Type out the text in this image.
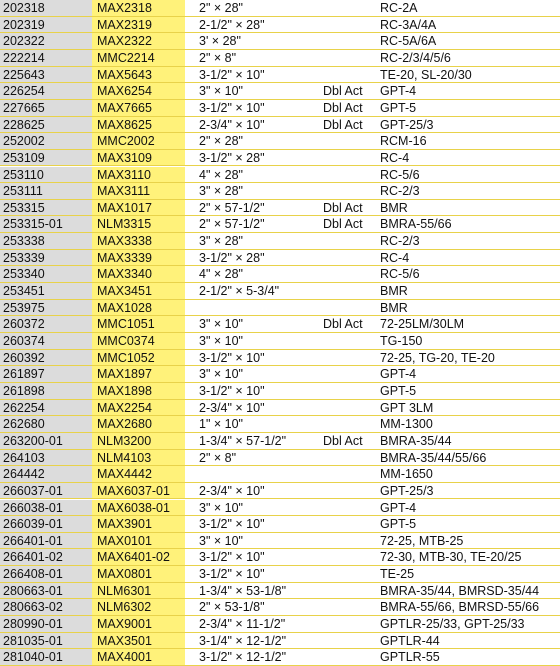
202318	MAX2318	2" × 28"	RC-2A
202319	MAX2319	2-1/2" × 28"	RC-3A/4A
202322	MAX2322	3' × 28"	RC-5A/6A
222214	MMC2214	2" × 8"	RC-2/3/4/5/6
225643	MAX5643	3-1/2" × 10"	TE-20, SL-20/30
226254	MAX6254	3" × 10"	Dbl Act	GPT-4
227665	MAX7665	3-1/2" × 10"	Dbl Act	GPT-5
228625	MAX8625	2-3/4" × 10"	Dbl Act	GPT-25/3
252002	MMC2002	2" × 28"	RCM-16
253109	MAX3109	3-1/2" × 28"	RC-4
253110	MAX3110	4" × 28"	RC-5/6
253111	MAX3111	3" × 28"	RC-2/3
253315	MAX1017	2" × 57-1/2"	Dbl Act	BMR
253315-01	NLM3315	2" × 57-1/2"	Dbl Act	BMRA-55/66
253338	MAX3338	3" × 28"	RC-2/3
253339	MAX3339	3-1/2" × 28"	RC-4
253340	MAX3340	4" × 28"	RC-5/6
253451	MAX3451	2-1/2" × 5-3/4"	BMR
253975	MAX1028	BMR
260372	MMC1051	3" × 10"	Dbl Act	72-25LM/30LM
260374	MMC0374	3" × 10"	TG-150
260392	MMC1052	3-1/2" × 10"	72-25, TG-20, TE-20
261897	MAX1897	3" × 10"	GPT-4
261898	MAX1898	3-1/2" × 10"	GPT-5
262254	MAX2254	2-3/4" × 10"	GPT 3LM
262680	MAX2680	1" × 10"	MM-1300
263200-01	NLM3200	1-3/4" × 57-1/2"	Dbl Act	BMRA-35/44
264103	NLM4103	2" × 8"	BMRA-35/44/55/66
264442	MAX4442	MM-1650
266037-01	MAX6037-01	2-3/4" × 10"	GPT-25/3
266038-01	MAX6038-01	3" × 10"	GPT-4
266039-01	MAX3901	3-1/2" × 10"	GPT-5
266401-01	MAX0101	3" × 10"	72-25, MTB-25
266401-02	MAX6401-02	3-1/2" × 10"	72-30, MTB-30, TE-20/25
266408-01	MAX0801	3-1/2" × 10"	TE-25
280663-01	NLM6301	1-3/4" × 53-1/8"	BMRA-35/44, BMRSD-35/44
280663-02	NLM6302	2" × 53-1/8"	BMRA-55/66, BMRSD-55/66
280990-01	MAX9001	2-3/4" × 11-1/2"	GPTLR-25/33, GPT-25/33
281035-01	MAX3501	3-1/4" × 12-1/2"	GPTLR-44
281040-01	MAX4001	3-1/2" × 12-1/2"	GPTLR-55
